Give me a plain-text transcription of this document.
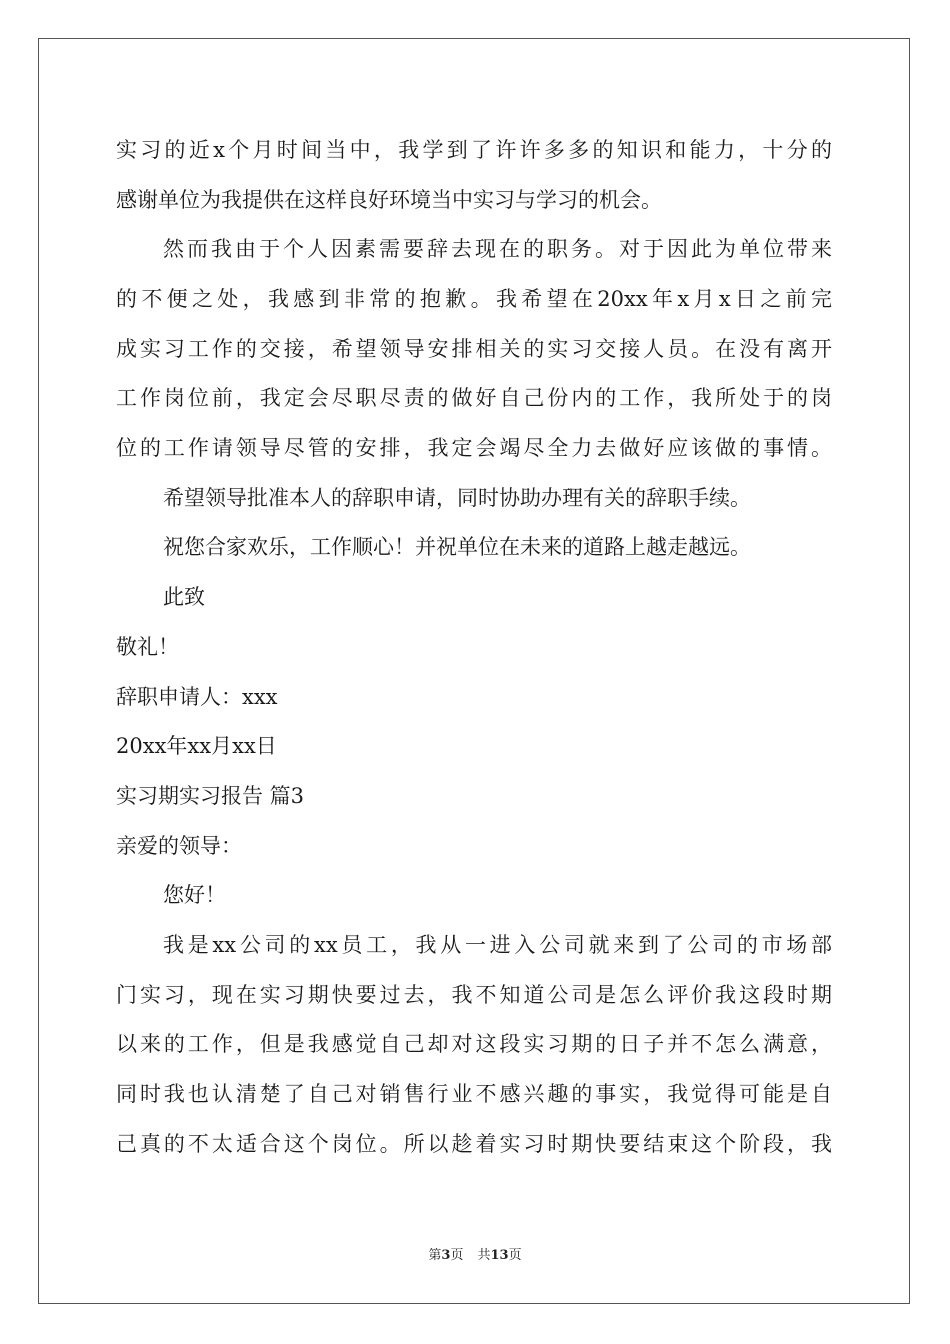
实习的近x个月时间当中，我学到了许许多多的知识和能力，十分的
感谢单位为我提供在这样良好环境当中实习与学习的机会。
然而我由于个人因素需要辞去现在的职务。对于因此为单位带来
的不便之处，我感到非常的抱歉。我希望在20xx年x月x日之前完
成实习工作的交接，希望领导安排相关的实习交接人员。在没有离开
工作岗位前，我定会尽职尽责的做好自己份内的工作，我所处于的岗
位的工作请领导尽管的安排，我定会竭尽全力去做好应该做的事情。
希望领导批准本人的辞职申请，同时协助办理有关的辞职手续。
祝您合家欢乐，工作顺心！并祝单位在未来的道路上越走越远。
此致
敬礼！
辞职申请人：xxx
20xx年xx月xx日
实习期实习报告 篇3
亲爱的领导：
您好！
我是xx公司的xx员工，我从一进入公司就来到了公司的市场部
门实习，现在实习期快要过去，我不知道公司是怎么评价我这段时期
以来的工作，但是我感觉自己却对这段实习期的日子并不怎么满意，
同时我也认清楚了自己对销售行业不感兴趣的事实，我觉得可能是自
己真的不太适合这个岗位。所以趁着实习时期快要结束这个阶段，我
第3页 共13页
